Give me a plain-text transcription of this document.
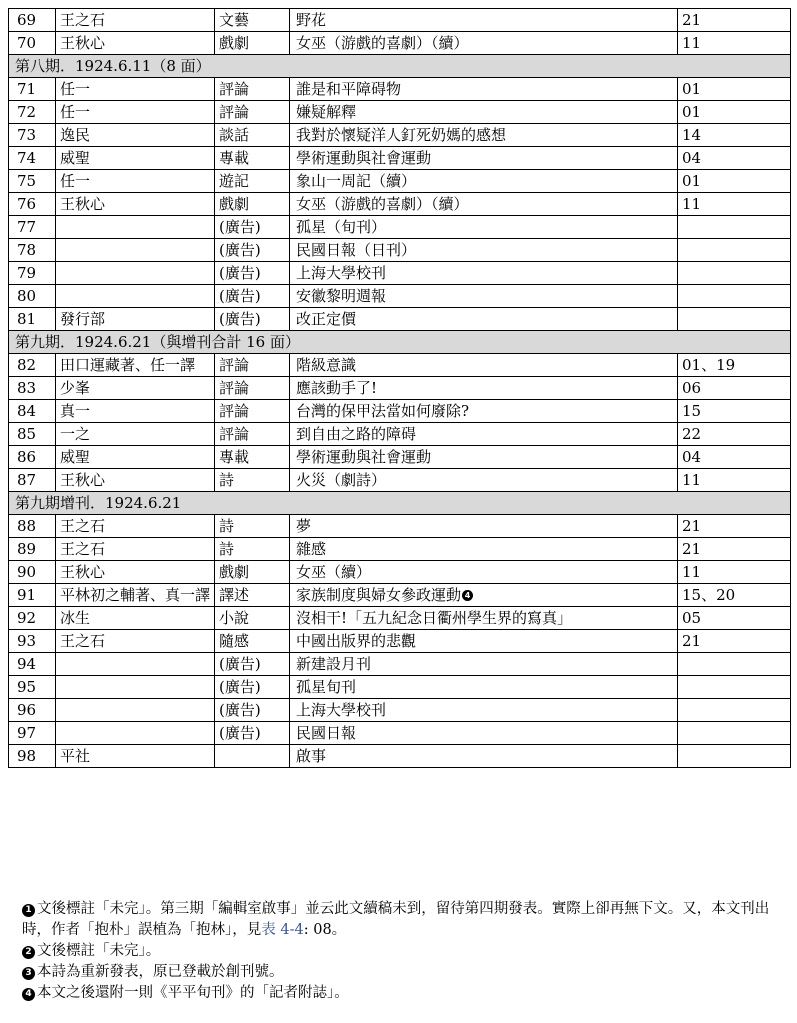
69	王之石	文藝	野花	21
70	王秋心	戲劇	女巫（游戲的喜劇）（續）	11
第八期．1924.6.11（8 面）				
71	任一	評論	誰是和平障碍物	01
72	任一	評論	嫌疑解釋	01
73	逸民	談話	我對於懷疑洋人釘死奶媽的感想	14
74	威聖	專載	學術運動與社會運動	04
75	任一	遊記	象山一周記（續）	01
76	王秋心	戲劇	女巫（游戲的喜劇）（續）	11
77		(廣告)	孤星（旬刊）	
78		(廣告)	民國日報（日刊）	
79		(廣告)	上海大學校刊	
80		(廣告)	安徽黎明週報	
81	發行部	(廣告)	改正定價	
第九期．1924.6.21（與增刊合計 16 面）				
82	田口運藏著、任一譯	評論	階級意識	01、19
83	少峯	評論	應該動手了!	06
84	真一	評論	台灣的保甲法當如何廢除?	15
85	一之	評論	到自由之路的障碍	22
86	威聖	專載	學術運動與社會運動	04
87	王秋心	詩	火災（劇詩）	11
第九期增刊．1924.6.21				
88	王之石	詩	夢	21
89	王之石	詩	雜感	21
90	王秋心	戲劇	女巫（續）	11
91	平林初之輔著、真一譯	譯述	家族制度與婦女參政運動 4	15、20
92	冰生	小說	沒相干!「五九紀念日衢州學生界的寫真」	05
93	王之石	隨感	中國出版界的悲觀	21
94		(廣告)	新建設月刊	
95		(廣告)	孤星旬刊	
96		(廣告)	上海大學校刊	
97		(廣告)	民國日報	
98	平社		啟事	

1 文後標註「未完」。第三期「編輯室啟事」並云此文續稿未到，留待第四期發表。實際上卻再無下文。又，本文刊出時，作者「抱朴」誤植為「抱林」，見表 4-4: 08。

2 文後標註「未完」。

3 本詩為重新發表，原已登載於創刊號。

4 本文之後還附一則《平平旬刊》的「記者附誌」。
